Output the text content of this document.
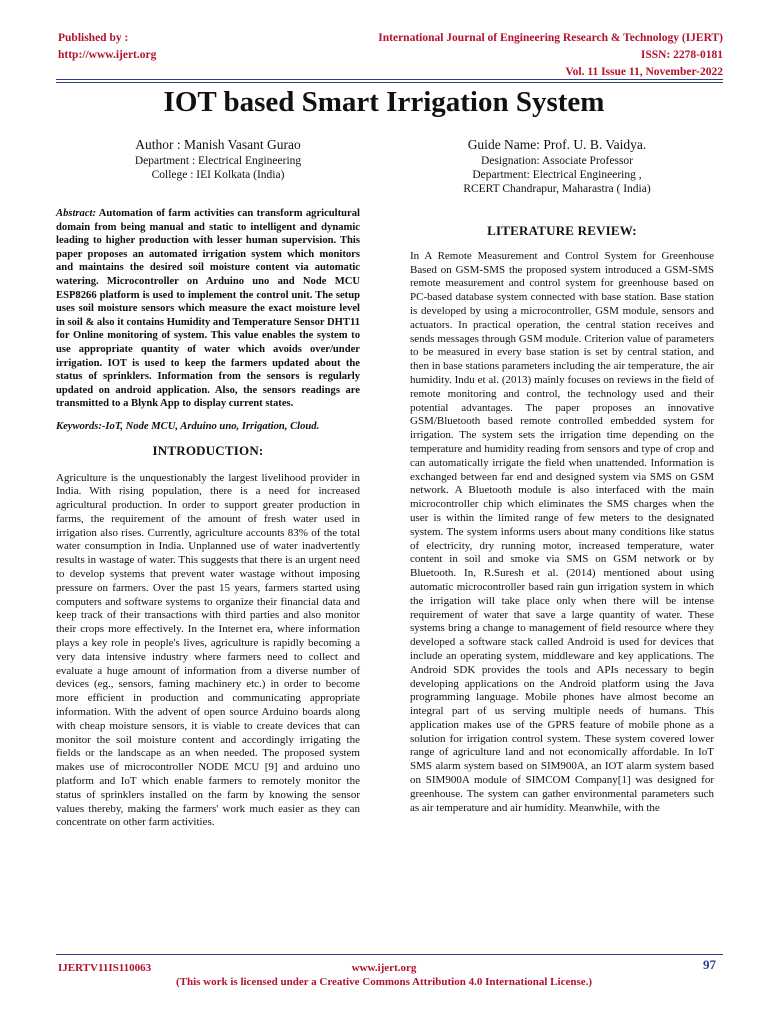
Published by :
http://www.ijert.org
International Journal of Engineering Research & Technology (IJERT)
ISSN: 2278-0181
Vol. 11 Issue 11, November-2022
IOT based Smart Irrigation System
Author : Manish Vasant Gurao
Department : Electrical Engineering
College : IEI Kolkata (India)
Guide Name: Prof. U. B. Vaidya.
Designation: Associate Professor
Department: Electrical Engineering ,
RCERT Chandrapur, Maharastra ( India)

Abstract: Automation of farm activities can transform agricultural domain from being manual and static to intelligent and dynamic leading to higher production with lesser human supervision. This paper proposes an automated irrigation system which monitors and maintains the desired soil moisture content via automatic watering. Microcontroller on Arduino uno and Node MCU ESP8266 platform is used to implement the control unit. The setup uses soil moisture sensors which measure the exact moisture level in soil & also it contains Humidity and Temperature Sensor DHT11 for Online monitoring of system. This value enables the system to use appropriate quantity of water which avoids over/under irrigation. IOT is used to keep the farmers updated about the status of sprinklers. Information from the sensors is regularly updated on android application. Also, the sensors readings are transmitted to a Blynk App to display current states.

Keywords:-IoT, Node MCU, Arduino uno, Irrigation, Cloud.

INTRODUCTION:

Agriculture is the unquestionably the largest livelihood provider in India. With rising population, there is a need for increased agricultural production. In order to support greater production in farms, the requirement of the amount of fresh water used in irrigation also rises. Currently, agriculture accounts 83% of the total water consumption in India. Unplanned use of water inadvertently results in wastage of water. This suggests that there is an urgent need to develop systems that prevent water wastage without imposing pressure on farmers. Over the past 15 years, farmers started using computers and software systems to organize their financial data and keep track of their transactions with third parties and also monitor their crops more effectively. In the Internet era, where information plays a key role in people's lives, agriculture is rapidly becoming a very data intensive industry where farmers need to collect and evaluate a huge amount of information from a diverse number of devices (eg., sensors, faming machinery etc.) in order to become more efficient in production and communicating appropriate information. With the advent of open source Arduino boards along with cheap moisture sensors, it is viable to create devices that can monitor the soil moisture content and accordingly irrigating the fields or the landscape as an when needed. The proposed system makes use of microcontroller NODE MCU [9] and arduino uno platform and IoT which enable farmers to remotely monitor the status of sprinklers installed on the farm by knowing the sensor values thereby, making the farmers' work much easier as they can concentrate on other farm activities.

LITERATURE REVIEW:

In A Remote Measurement and Control System for Greenhouse Based on GSM-SMS the proposed system introduced a GSM-SMS remote measurement and control system for greenhouse based on PC-based database system connected with base station. Base station is developed by using a microcontroller, GSM module, sensors and actuators. In practical operation, the central station receives and sends messages through GSM module. Criterion value of parameters to be measured in every base station is set by central station, and then in base stations parameters including the air temperature, the air humidity. Indu et al. (2013) mainly focuses on reviews in the field of remote monitoring and control, the technology used and their potential advantages. The paper proposes an innovative GSM/Bluetooth based remote controlled embedded system for irrigation. The system sets the irrigation time depending on the temperature and humidity reading from sensors and type of crop and can automatically irrigate the field when unattended. Information is exchanged between far end and designed system via SMS on GSM network. A Bluetooth module is also interfaced with the main microcontroller chip which eliminates the SMS charges when the user is within the limited range of few meters to the designated system. The system informs users about many conditions like status of electricity, dry running motor, increased temperature, water content in soil and smoke via SMS on GSM network or by Bluetooth. In, R.Suresh et al. (2014) mentioned about using automatic microcontroller based rain gun irrigation system in which the irrigation will take place only when there will be intense requirement of water that save a large quantity of water. These systems bring a change to management of field resource where they developed a software stack called Android is used for devices that include an operating system, middleware and key applications. The Android SDK provides the tools and APIs necessary to begin developing applications on the Android platform using the Java programming language. Mobile phones have almost become an integral part of us serving multiple needs of humans. This application makes use of the GPRS feature of mobile phone as a solution for irrigation control system. These system covered lower range of agriculture land and not economically affordable. In IoT SMS alarm system based on SIM900A, an IOT alarm system based on SIM900A module of SIMCOM Company[1] was designed for greenhouse. The system can gather environmental parameters such as air temperature and air humidity. Meanwhile, with the

IJERTV11IS110063	www.ijert.org
(This work is licensed under a Creative Commons Attribution 4.0 International License.)
97
